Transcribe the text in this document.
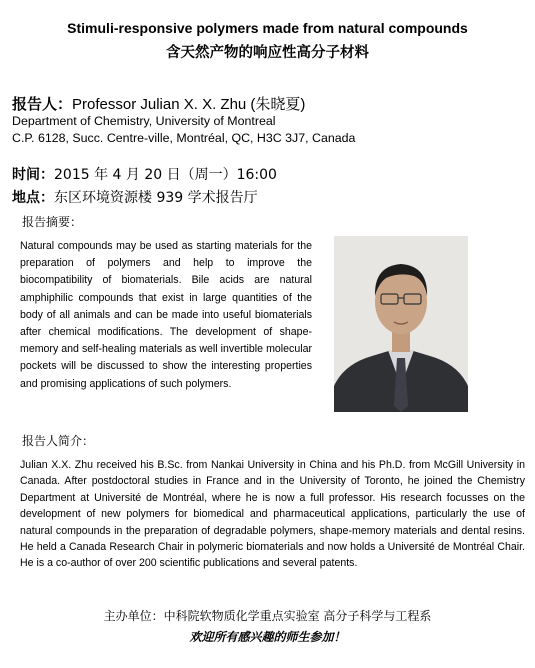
Stimuli-responsive polymers made from natural compounds
含天然产物的响应性高分子材料
报告人：Professor Julian X. X. Zhu (朱晓夏)
Department of Chemistry, University of Montreal
C.P. 6128, Succ. Centre-ville, Montréal, QC, H3C 3J7, Canada
时间：2015 年 4 月 20 日（周一）16:00
地点：东区环境资源楼 939 学术报告厅
报告摘要：
Natural compounds may be used as starting materials for the preparation of polymers and help to improve the biocompatibility of biomaterials. Bile acids are natural amphiphilic compounds that exist in large quantities of the body of all animals and can be made into useful biomaterials after chemical modifications. The development of shape-memory and self-healing materials as well invertible molecular pockets will be discussed to show the interesting properties and promising applications of such polymers.
报告人简介：
Julian X.X. Zhu received his B.Sc. from Nankai University in China and his Ph.D. from McGill University in Canada. After postdoctoral studies in France and in the University of Toronto, he joined the Chemistry Department at Université de Montréal, where he is now a full professor. His research focusses on the development of new polymers for biomedical and pharmaceutical applications, particularly the use of natural compounds in the preparation of degradable polymers, shape-memory materials and dental resins. He held a Canada Research Chair in polymeric biomaterials and now holds a Université de Montréal Chair. He is a co-author of over 200 scientific publications and several patents.
主办单位：中科院软物质化学重点实验室 高分子科学与工程系
欢迎所有感兴趣的师生参加！
